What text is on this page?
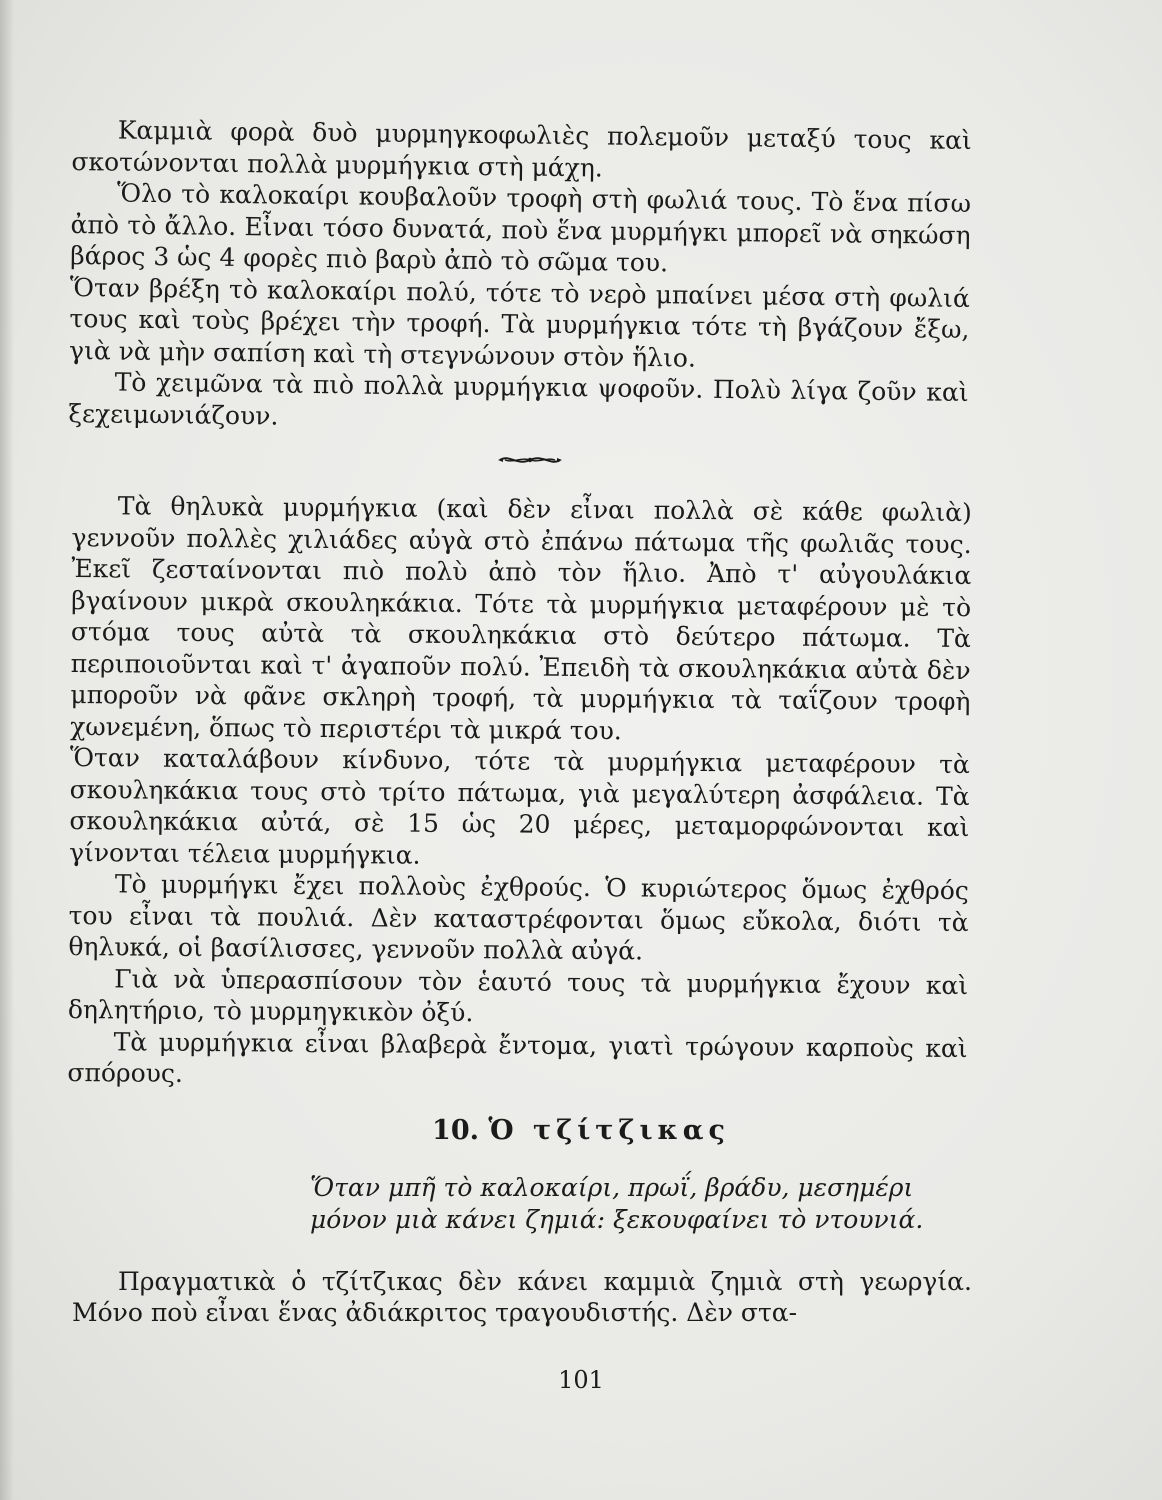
Καμμιὰ φορὰ δυὸ μυρμηγκοφωλιὲς πολεμοῦν μεταξύ τους καὶ σκοτώνονται πολλὰ μυρμήγκια στὴ μάχη.

Ὅλο τὸ καλοκαίρι κουβαλοῦν τροφὴ στὴ φωλιά τους. Τὸ ἕνα πίσω ἀπὸ τὸ ἄλλο. Εἶναι τόσο δυνατά, ποὺ ἕνα μυρμήγκι μπορεῖ νὰ σηκώση βάρος 3 ὡς 4 φορὲς πιὸ βαρὺ ἀπὸ τὸ σῶμα του.

Ὅταν βρέξη τὸ καλοκαίρι πολύ, τότε τὸ νερὸ μπαίνει μέσα στὴ φωλιά τους καὶ τοὺς βρέχει τὴν τροφή. Τὰ μυρμήγκια τότε τὴ βγάζουν ἔξω, γιὰ νὰ μὴν σαπίση καὶ τὴ στεγνώνουν στὸν ἥλιο.

Τὸ χειμῶνα τὰ πιὸ πολλὰ μυρμήγκια ψοφοῦν. Πολὺ λίγα ζοῦν καὶ ξεχειμωνιάζουν.

Τὰ θηλυκὰ μυρμήγκια (καὶ δὲν εἶναι πολλὰ σὲ κάθε φωλιὰ) γεννοῦν πολλὲς χιλιάδες αὐγὰ στὸ ἐπάνω πάτωμα τῆς φωλιᾶς τους. Ἐκεῖ ζεσταίνονται πιὸ πολὺ ἀπὸ τὸν ἥλιο. Ἀπὸ τ' αὐγουλάκια βγαίνουν μικρὰ σκουληκάκια. Τότε τὰ μυρμήγκια μεταφέρουν μὲ τὸ στόμα τους αὐτὰ τὰ σκουληκάκια στὸ δεύτερο πάτωμα. Τὰ περιποιοῦνται καὶ τ' ἀγαποῦν πολύ. Ἐπειδὴ τὰ σκουληκάκια αὐτὰ δὲν μποροῦν νὰ φᾶνε σκληρὴ τροφή, τὰ μυρμήγκια τὰ ταΐζουν τροφὴ χωνεμένη, ὅπως τὸ περιστέρι τὰ μικρά του.

Ὅταν καταλάβουν κίνδυνο, τότε τὰ μυρμήγκια μεταφέρουν τὰ σκουληκάκια τους στὸ τρίτο πάτωμα, γιὰ μεγαλύτερη ἀσφάλεια. Τὰ σκουληκάκια αὐτά, σὲ 15 ὡς 20 μέρες, μεταμορφώνονται καὶ γίνονται τέλεια μυρμήγκια.

Τὸ μυρμήγκι ἔχει πολλοὺς ἐχθρούς. Ὁ κυριώτερος ὅμως ἐχθρός του εἶναι τὰ πουλιά. Δὲν καταστρέφονται ὅμως εὔκολα, διότι τὰ θηλυκά, οἱ βασίλισσες, γεννοῦν πολλὰ αὐγά.

Γιὰ νὰ ὑπερασπίσουν τὸν ἑαυτό τους τὰ μυρμήγκια ἔχουν καὶ δηλητήριο, τὸ μυρμηγκικὸν ὀξύ.

Τὰ μυρμήγκια εἶναι βλαβερὰ ἔντομα, γιατὶ τρώγουν καρποὺς καὶ σπόρους.

10. Ὁ τζίτζικας
Ὅταν μπῆ τὸ καλοκαίρι, πρωΐ, βράδυ, μεσημέρι
μόνον μιὰ κάνει ζημιά: ξεκουφαίνει τὸ ντουνιά.

Πραγματικὰ ὁ τζίτζικας δὲν κάνει καμμιὰ ζημιὰ στὴ γεωργία. Μόνο ποὺ εἶναι ἕνας ἀδιάκριτος τραγουδιστής. Δὲν στα-

101
